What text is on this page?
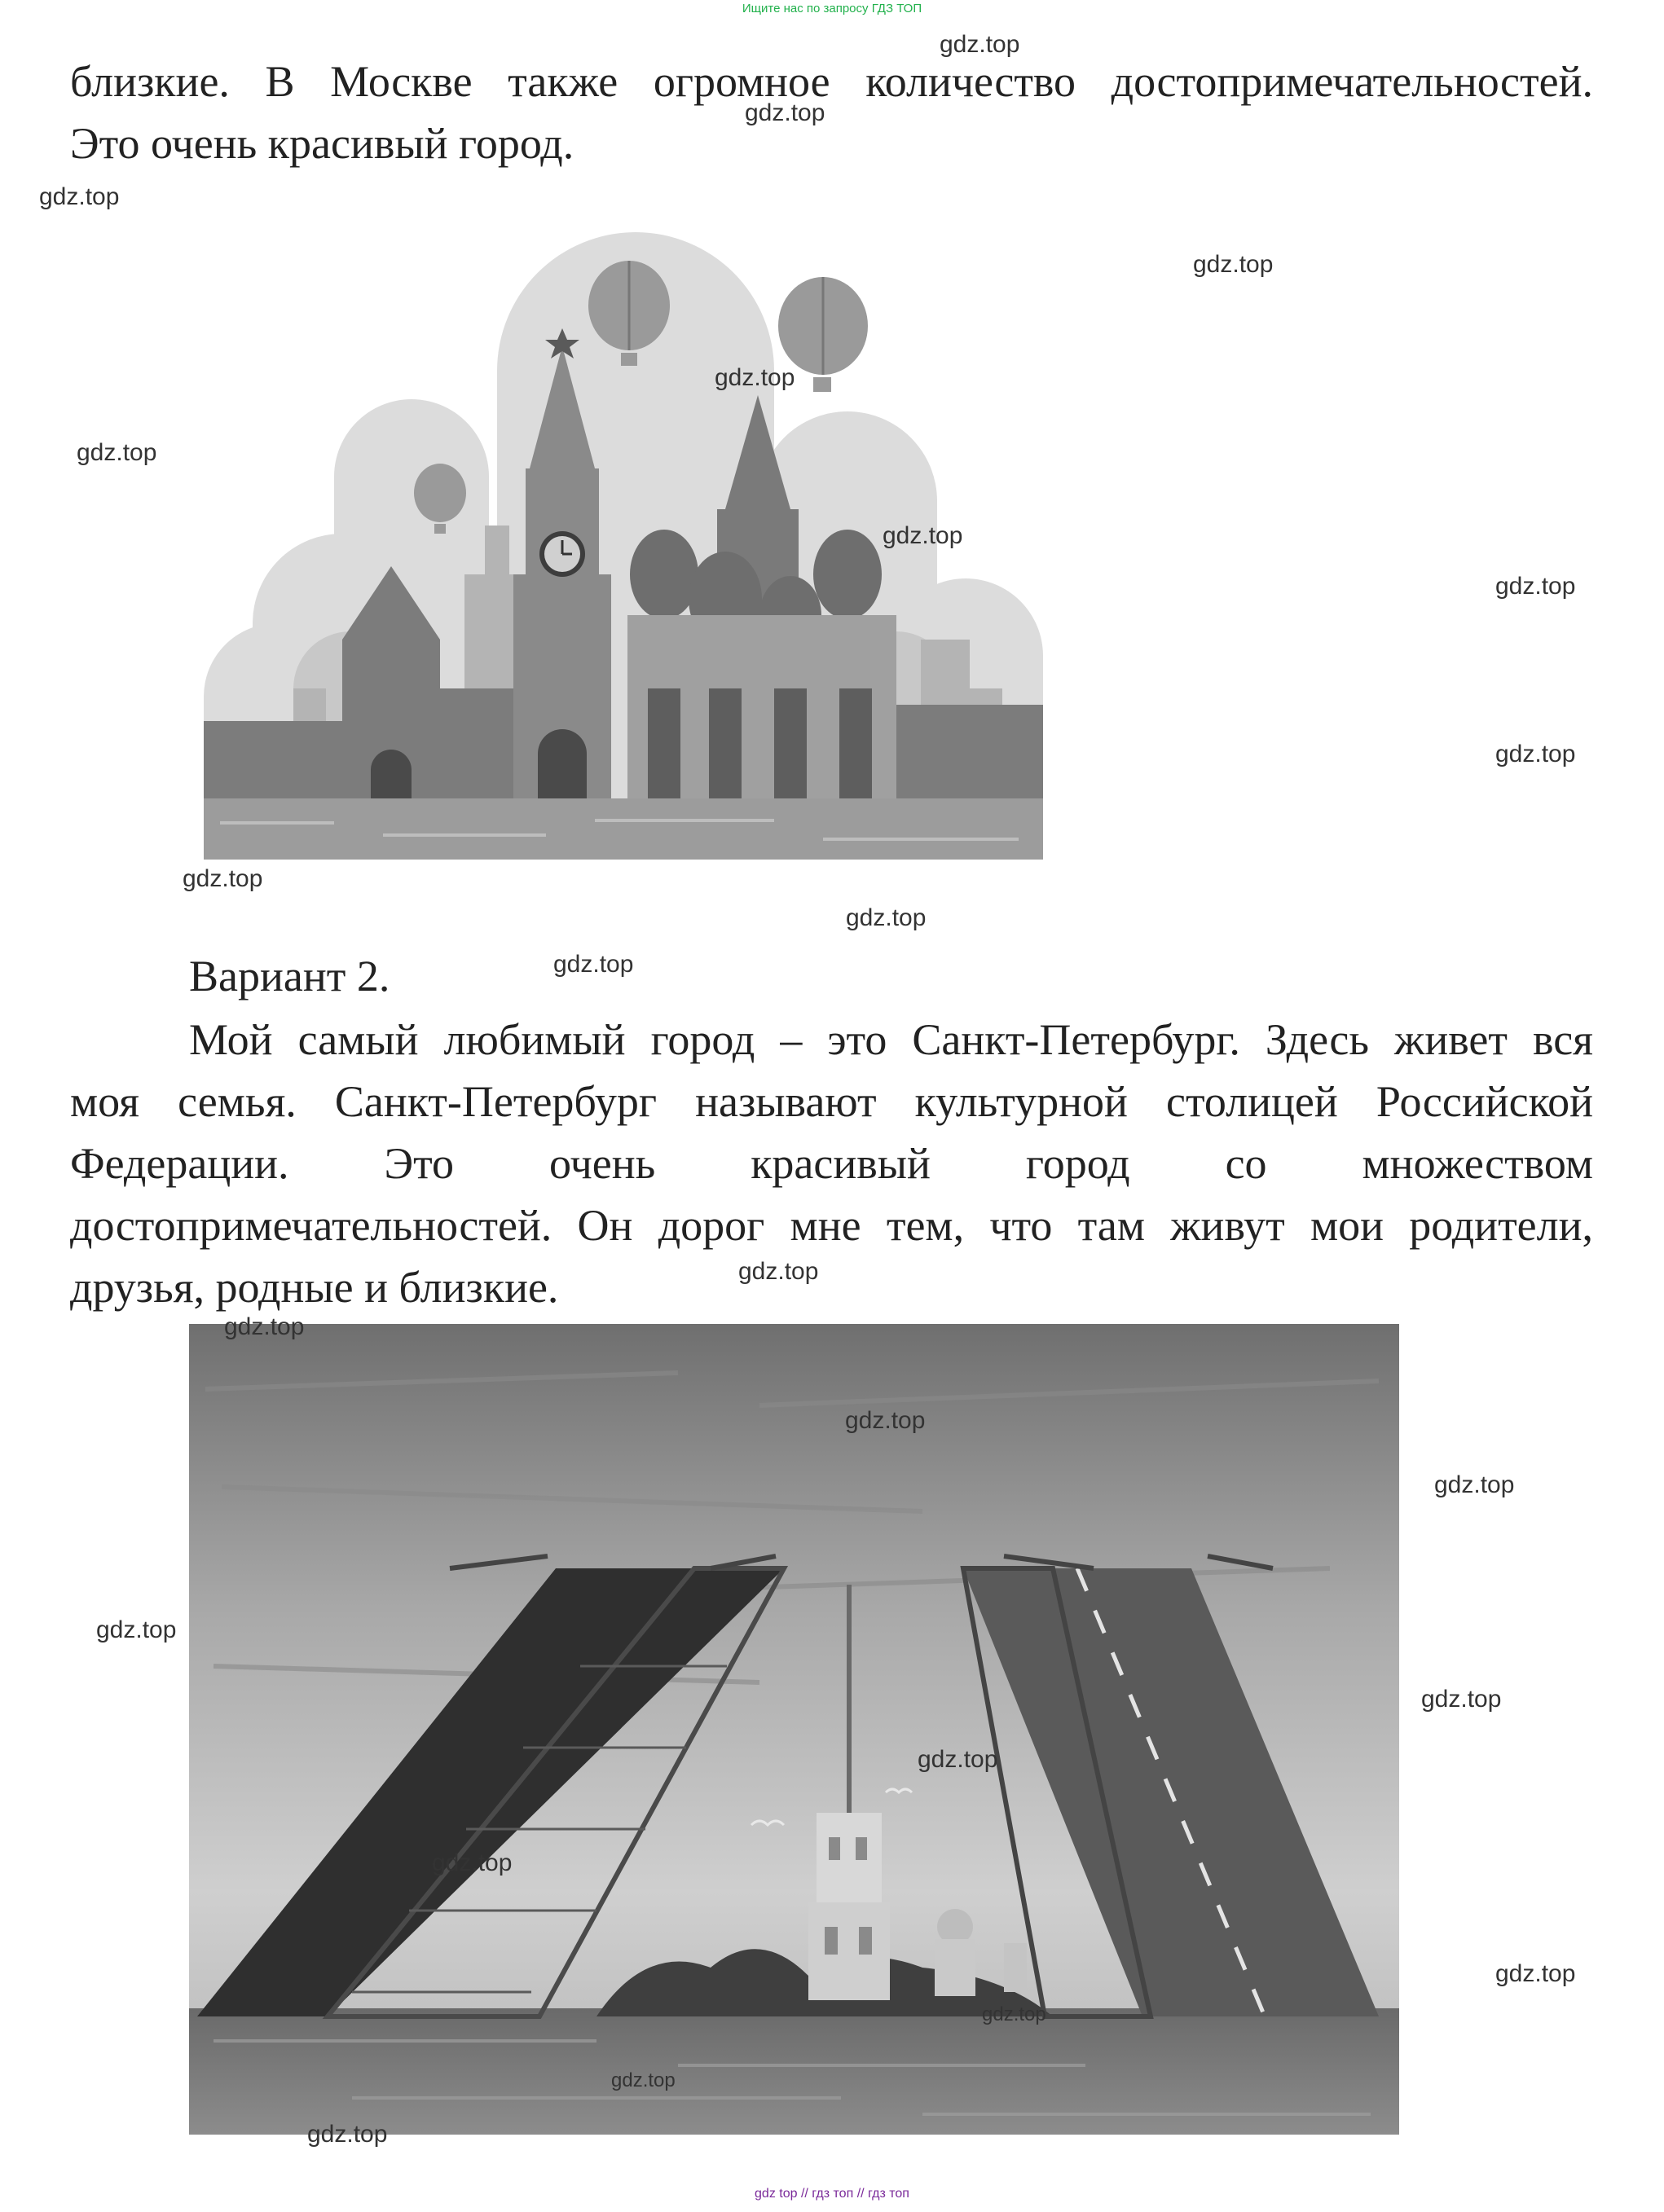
Ищите нас по запросу ГДЗ ТОП
близкие. В Москве также огромное количество достопримечательностей.
Это очень красивый город.
Вариант 2.
Мой самый любимый город – это Санкт-Петербург. Здесь живет вся
моя семья. Санкт-Петербург называют культурной столицей Российской
Федерации. Это очень красивый город со множеством
достопримечательностей. Он дорог мне тем, что там живут мои родители,
друзья, родные и близкие.
gdz.top
gdz.top
gdz.top
gdz.top
gdz.top
gdz.top
gdz.top
gdz.top
gdz.top
gdz.top
gdz.top
gdz.top
gdz.top
gdz.top
gdz.top
gdz.top
gdz.top
gdz.top
gdz.top
gdz.top
gdz.top
gdz.top
gdz.top
gdz.top
gdz top // гдз топ // гдз топ
